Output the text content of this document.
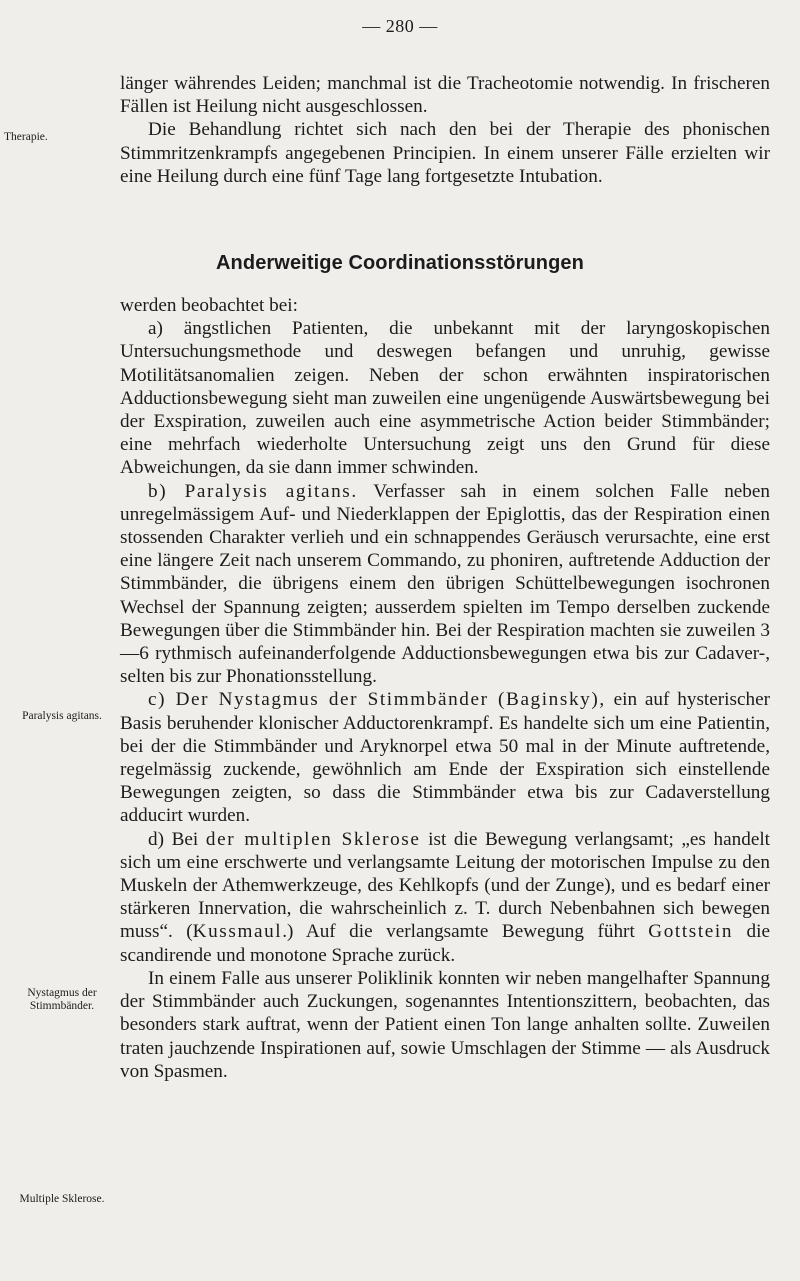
— 280 —
Therapie.
Paralysis agitans.
Nystagmus der Stimmbänder.
Multiple Sklerose.

länger währendes Leiden; manchmal ist die Tracheotomie notwendig. In frischeren Fällen ist Heilung nicht ausgeschlossen.

Die Behandlung richtet sich nach den bei der Therapie des phonischen Stimmritzenkrampfs angegebenen Principien. In einem unserer Fälle erzielten wir eine Heilung durch eine fünf Tage lang fortgesetzte Intubation.

Anderweitige Coordinationsstörungen

werden beobachtet bei:

a) ängstlichen Patienten, die unbekannt mit der laryngoskopischen Untersuchungsmethode und deswegen befangen und unruhig, gewisse Motilitätsanomalien zeigen. Neben der schon erwähnten inspiratorischen Adductionsbewegung sieht man zuweilen eine ungenügende Auswärtsbewegung bei der Exspiration, zuweilen auch eine asymmetrische Action beider Stimmbänder; eine mehrfach wiederholte Untersuchung zeigt uns den Grund für diese Abweichungen, da sie dann immer schwinden.

b) Paralysis agitans. Verfasser sah in einem solchen Falle neben unregelmässigem Auf- und Niederklappen der Epiglottis, das der Respiration einen stossenden Charakter verlieh und ein schnappendes Geräusch verursachte, eine erst eine längere Zeit nach unserem Commando, zu phoniren, auftretende Adduction der Stimmbänder, die übrigens einem den übrigen Schüttelbewegungen isochronen Wechsel der Spannung zeigten; ausserdem spielten im Tempo derselben zuckende Bewegungen über die Stimmbänder hin. Bei der Respiration machten sie zuweilen 3—6 rythmisch aufeinanderfolgende Adductionsbewegungen etwa bis zur Cadaver-, selten bis zur Phonationsstellung.

c) Der Nystagmus der Stimmbänder (Baginsky), ein auf hysterischer Basis beruhender klonischer Adductorenkrampf. Es handelte sich um eine Patientin, bei der die Stimmbänder und Aryknorpel etwa 50 mal in der Minute auftretende, regelmässig zuckende, gewöhnlich am Ende der Exspiration sich einstellende Bewegungen zeigten, so dass die Stimmbänder etwa bis zur Cadaverstellung adducirt wurden.

d) Bei der multiplen Sklerose ist die Bewegung verlangsamt; „es handelt sich um eine erschwerte und verlangsamte Leitung der motorischen Impulse zu den Muskeln der Athemwerkzeuge, des Kehlkopfs (und der Zunge), und es bedarf einer stärkeren Innervation, die wahrscheinlich z. T. durch Nebenbahnen sich bewegen muss“. (Kussmaul.) Auf die verlangsamte Bewegung führt Gottstein die scandirende und monotone Sprache zurück.

In einem Falle aus unserer Poliklinik konnten wir neben mangelhafter Spannung der Stimmbänder auch Zuckungen, sogenanntes Intentionszittern, beobachten, das besonders stark auftrat, wenn der Patient einen Ton lange anhalten sollte. Zuweilen traten jauchzende Inspirationen auf, sowie Umschlagen der Stimme — als Ausdruck von Spasmen.
